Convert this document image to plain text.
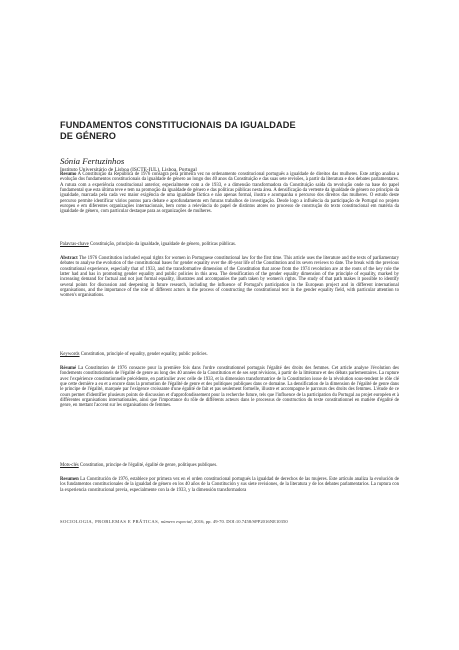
FUNDAMENTOS CONSTITUCIONAIS DA IGUALDADE
DE GÉNERO
Sónia Fertuzinhos
Instituto Universitário de Lisboa (ISCTE-IUL), Lisboa, Portugal

Resumo A Constituição da República de 1976 consagra pela primeira vez no ordenamento constitucional português a igualdade de direitos das mulheres. Este artigo analisa a evolução dos fundamentos constitucionais da igualdade de género ao longo dos 40 anos da Constituição e das suas sete revisões, à partir da literatura e dos debates parlamentares. A rutura com a experiência constitucional anterior, especialmente com a de 1933, e a dimensão transformadora da Constituição saída da revolução onde na base do papel fundamental que esta última teve e tem na promoção da igualdade de género e das políticas públicas nesta área. A densificação da vertente da igualdade de género no princípio da igualdade, marcada pela cada vez maior exigência de uma igualdade fáctica e não apenas formal, ilustra e acompanha o percurso dos direitos das mulheres. O estudo deste percurso permite identificar vários pontos para debate e aprofundamento em futuras trabalhos de investigação. Desde logo a influência da participação de Portugal no projeto europeu e em diferentes organizações internacionais, bem como a relevância do papel de distintos atores no processo de construção do texto constitucional em matéria da igualdade de género, com particular destaque para as organizações de mulheres.

Palavras-chave Constituição, princípio da igualdade, igualdade de género, políticas públicas.

Abstract The 1976 Constitution included equal rights for women in Portuguese constitutional law for the first time. This article uses the literature and the texts of parliamentary debates to analyse the evolution of the constitutional bases for gender equality over the 40-year life of the Constitution and its seven reviews to date. The break with the previous constitutional experience, especially that of 1933, and the transformative dimension of the Constitution that arose from the 1974 revolution are at the roots of the key role the latter had and has in promoting gender equality and public policies in this area. The densification of the gender equality dimension of the principle of equality, marked by increasing demand for factual and not just formal equality, illustrates and accompanies the path taken by women's rights. The study of that path makes it possible to identify several points for discussion and deepening in future research, including the influence of Portugal's participation in the European project and in different international organisations, and the importance of the role of different actors in the process of constructing the constitutional text in the gender equality field, with particular attention to women's organisations.

Keywords Constitution, principle of equality, gender equality, public policies.

Résumé La Constitution de 1976 consacre pour la première fois dans l'ordre constitutionnel portugais l'égalité des droits des femmes. Cet article analyse l'évolution des fondements constitutionnels de l'égalité de genre au long des 40 années de la Constitution et de ses sept révisions, à partir de la littérature et des débats parlementaires. La rupture avec l'expérience constitutionnelle précédente, en particulier avec celle de 1933, et la dimension transformatrice de la Constitution issue de la révolution sous-tendent le rôle clé que cette dernière a eu et a encore dans la promotion de l'égalité de genre et des politiques publiques dans ce domaine. La densification de la dimension de l'égalité de genre dans le principe de l'égalité, marquée par l'exigence croissante d'une égalité de fait et pas seulement formelle, illustre et accompagne le parcours des droits des femmes. L'étude de ce cours permet d'identifier plusieurs points de discussion et d'approfondissement pour la recherche future, tels que l'influence de la participation du Portugal au projet européen et à différentes organisations internationales, ainsi que l'importance du rôle de différents acteurs dans le processus de construction du texte constitutionnel en matière d'égalité de genre, en mettant l'accent sur les organisations de femmes.

Mots-clés Constitution, principe de l'égalité, égalité de genre, politiques publiques.

Resumen La Constitución de 1976, establece por primera vez en el orden constitucional portugués la igualdad de derechos de las mujeres. Este artículo analiza la evolución de los fundamentos constitucionales de la igualdad de género en los 40 años de la Constitución y sus siete revisiones, de la literatura y de los debates parlamentarios. La ruptura con la experiencia constitucional previa, especialmente con la de 1933, y la dimensión transformadora

SOCIOLOGIA, PROBLEMAS E PRÁTICAS, número especial, 2016, pp. 49-70. DOI:10.7458/SPP2016NE10350
